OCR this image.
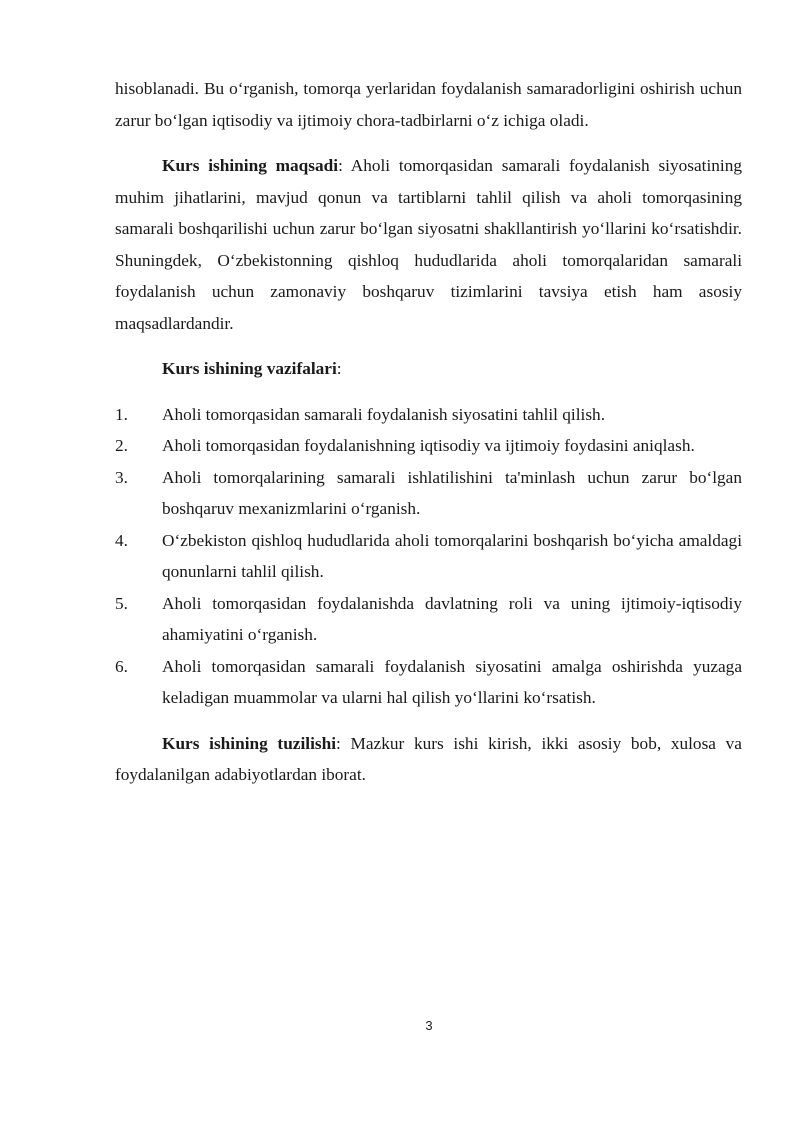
hisoblanadi. Bu o‘rganish, tomorqa yerlaridan foydalanish samaradorligini oshirish uchun zarur bo‘lgan iqtisodiy va ijtimoiy chora-tadbirlarni o‘z ichiga oladi.

Kurs ishining maqsadi: Aholi tomorqasidan samarali foydalanish siyosatining muhim jihatlarini, mavjud qonun va tartiblarni tahlil qilish va aholi tomorqasining samarali boshqarilishi uchun zarur bo‘lgan siyosatni shakllantirish yo‘llarini ko‘rsatishdir. Shuningdek, O‘zbekistonning qishloq hududlarida aholi tomorqalaridan samarali foydalanish uchun zamonaviy boshqaruv tizimlarini tavsiya etish ham asosiy maqsadlardandir.

Kurs ishining vazifalari:

1.	Aholi tomorqasidan samarali foydalanish siyosatini tahlil qilish.
2.	Aholi tomorqasidan foydalanishning iqtisodiy va ijtimoiy foydasini aniqlash.
3.	Aholi tomorqalarining samarali ishlatilishini ta'minlash uchun zarur bo‘lgan boshqaruv mexanizmlarini o‘rganish.
4.	O‘zbekiston qishloq hududlarida aholi tomorqalarini boshqarish bo‘yicha amaldagi qonunlarni tahlil qilish.
5.	Aholi tomorqasidan foydalanishda davlatning roli va uning ijtimoiy-iqtisodiy ahamiyatini o‘rganish.
6.	Aholi tomorqasidan samarali foydalanish siyosatini amalga oshirishda yuzaga keladigan muammolar va ularni hal qilish yo‘llarini ko‘rsatish.

Kurs ishining tuzilishi: Mazkur kurs ishi kirish, ikki asosiy bob, xulosa va foydalanilgan adabiyotlardan iborat.

3
